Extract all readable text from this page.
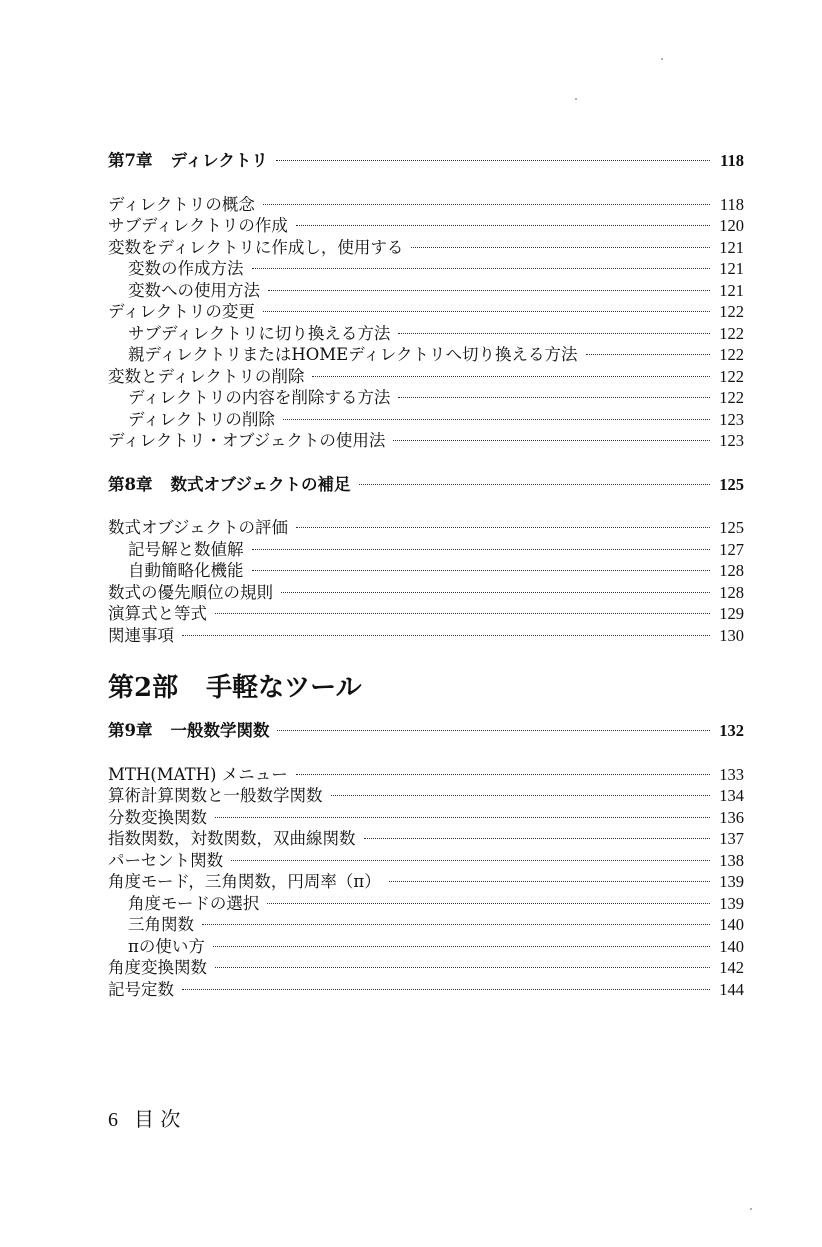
第7章 ディレクトリ	118
ディレクトリの概念	118
サブディレクトリの作成	120
変数をディレクトリに作成し，使用する	121
変数の作成方法	121
変数への使用方法	121
ディレクトリの変更	122
サブディレクトリに切り換える方法	122
親ディレクトリまたはHOMEディレクトリへ切り換える方法	122
変数とディレクトリの削除	122
ディレクトリの内容を削除する方法	122
ディレクトリの削除	123
ディレクトリ・オブジェクトの使用法	123
第8章 数式オブジェクトの補足	125
数式オブジェクトの評価	125
記号解と数値解	127
自動簡略化機能	128
数式の優先順位の規則	128
演算式と等式	129
関連事項	130
第2部 手軽なツール
第9章 一般数学関数	132
MTH(MATH) メニュー	133
算術計算関数と一般数学関数	134
分数変換関数	136
指数関数，対数関数，双曲線関数	137
パーセント関数	138
角度モード，三角関数，円周率（π）	139
角度モードの選択	139
三角関数	140
πの使い方	140
角度変換関数	142
記号定数	144
6 目 次
